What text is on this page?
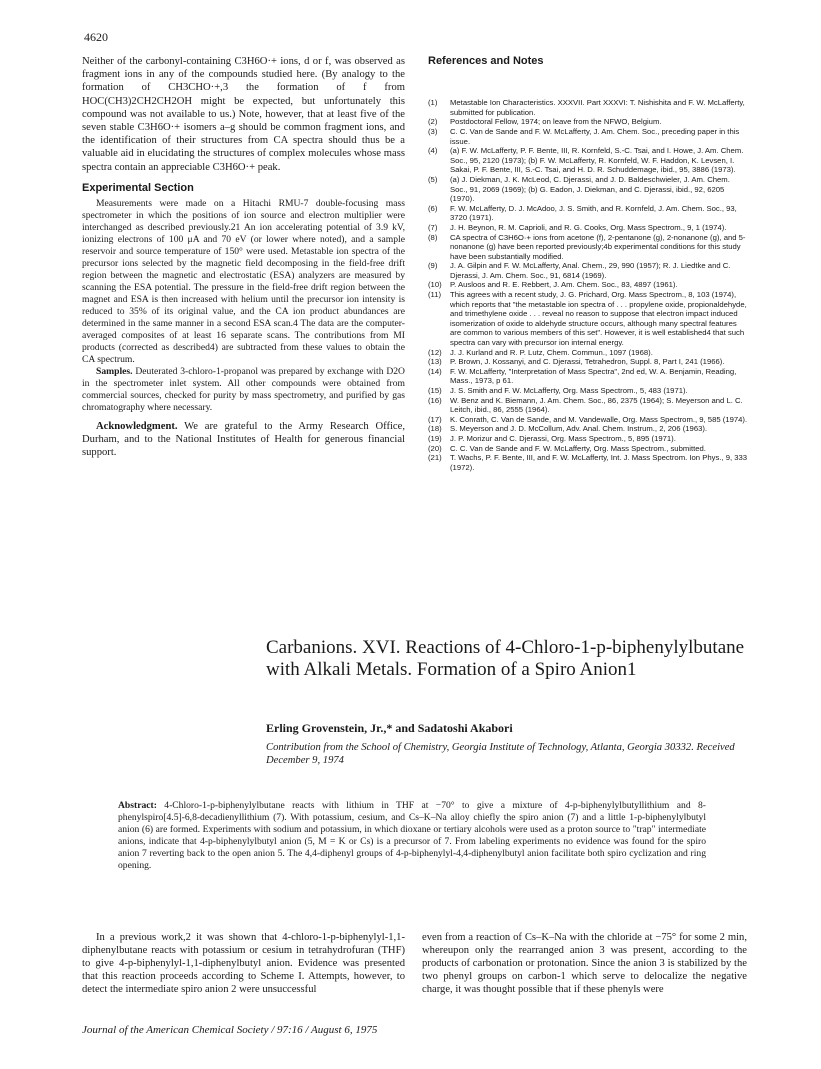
4620

Neither of the carbonyl-containing C3H6O·+ ions, d or f, was observed as fragment ions in any of the compounds studied here. (By analogy to the formation of CH3CHO·+,3 the formation of f from HOC(CH3)2CH2CH2OH might be expected, but unfortunately this compound was not available to us.) Note, however, that at least five of the seven stable C3H6O·+ isomers a–g should be common fragment ions, and the identification of their structures from CA spectra should thus be a valuable aid in elucidating the structures of complex molecules whose mass spectra contain an appreciable C3H6O·+ peak.

Experimental Section

Measurements were made on a Hitachi RMU-7 double-focusing mass spectrometer in which the positions of ion source and electron multiplier were interchanged as described previously.21 An ion accelerating potential of 3.9 kV, ionizing electrons of 100 μA and 70 eV (or lower where noted), and a sample reservoir and source temperature of 150° were used. Metastable ion spectra of the precursor ions selected by the magnetic field decomposing in the field-free drift region between the magnetic and electrostatic (ESA) analyzers are measured by scanning the ESA potential. The pressure in the field-free drift region between the magnet and ESA is then increased with helium until the precursor ion intensity is reduced to 35% of its original value, and the CA ion product abundances are determined in the same manner in a second ESA scan.4 The data are the computer-averaged composites of at least 16 separate scans. The contributions from MI products (corrected as described4) are subtracted from these values to obtain the CA spectrum.

Samples. Deuterated 3-chloro-1-propanol was prepared by exchange with D2O in the spectrometer inlet system. All other compounds were obtained from commercial sources, checked for purity by mass spectrometry, and purified by gas chromatography where necessary.

Acknowledgment. We are grateful to the Army Research Office, Durham, and to the National Institutes of Health for generous financial support.

References and Notes
(1)	Metastable Ion Characteristics. XXXVII. Part XXXVI: T. Nishishita and F. W. McLafferty, submitted for publication.
(2)	Postdoctoral Fellow, 1974; on leave from the NFWO, Belgium.
(3)	C. C. Van de Sande and F. W. McLafferty, J. Am. Chem. Soc., preceding paper in this issue.
(4)	(a) F. W. McLafferty, P. F. Bente, III, R. Kornfeld, S.-C. Tsai, and I. Howe, J. Am. Chem. Soc., 95, 2120 (1973); (b) F. W. McLafferty, R. Kornfeld, W. F. Haddon, K. Levsen, I. Sakai, P. F. Bente, III, S.-C. Tsai, and H. D. R. Schuddemage, ibid., 95, 3886 (1973).
(5)	(a) J. Diekman, J. K. McLeod, C. Djerassi, and J. D. Baldeschwieler, J. Am. Chem. Soc., 91, 2069 (1969); (b) G. Eadon, J. Diekman, and C. Djerassi, ibid., 92, 6205 (1970).
(6)	F. W. McLafferty, D. J. McAdoo, J. S. Smith, and R. Kornfeld, J. Am. Chem. Soc., 93, 3720 (1971).
(7)	J. H. Beynon, R. M. Caprioli, and R. G. Cooks, Org. Mass Spectrom., 9, 1 (1974).
(8)	CA spectra of C3H6O·+ ions from acetone (f), 2-pentanone (g), 2-nonanone (g), and 5-nonanone (g) have been reported previously;4b experimental conditions for this study have been substantially modified.
(9)	J. A. Gilpin and F. W. McLafferty, Anal. Chem., 29, 990 (1957); R. J. Liedtke and C. Djerassi, J. Am. Chem. Soc., 91, 6814 (1969).
(10)	P. Ausloos and R. E. Rebbert, J. Am. Chem. Soc., 83, 4897 (1961).
(11)	This agrees with a recent study, J. G. Prichard, Org. Mass Spectrom., 8, 103 (1974), which reports that "the metastable ion spectra of . . . propylene oxide, propionaldehyde, and trimethylene oxide . . . reveal no reason to suppose that electron impact induced isomerization of oxide to aldehyde structure occurs, although many spectral features are common to various members of this set". However, it is well established4 that such spectra can vary with precursor ion internal energy.
(12)	J. J. Kurland and R. P. Lutz, Chem. Commun., 1097 (1968).
(13)	P. Brown, J. Kossanyi, and C. Djerassi, Tetrahedron, Suppl. 8, Part I, 241 (1966).
(14)	F. W. McLafferty, "Interpretation of Mass Spectra", 2nd ed, W. A. Benjamin, Reading, Mass., 1973, p 61.
(15)	J. S. Smith and F. W. McLafferty, Org. Mass Spectrom., 5, 483 (1971).
(16)	W. Benz and K. Biemann, J. Am. Chem. Soc., 86, 2375 (1964); S. Meyerson and L. C. Leitch, ibid., 86, 2555 (1964).
(17)	K. Conrath, C. Van de Sande, and M. Vandewalle, Org. Mass Spectrom., 9, 585 (1974).
(18)	S. Meyerson and J. D. McCollum, Adv. Anal. Chem. Instrum., 2, 206 (1963).
(19)	J. P. Morizur and C. Djerassi, Org. Mass Spectrom., 5, 895 (1971).
(20)	C. C. Van de Sande and F. W. McLafferty, Org. Mass Spectrom., submitted.
(21)	T. Wachs, P. F. Bente, III, and F. W. McLafferty, Int. J. Mass Spectrom. Ion Phys., 9, 333 (1972).
Carbanions. XVI. Reactions of 4-Chloro-1-p-biphenylylbutane with Alkali Metals. Formation of a Spiro Anion1
Erling Grovenstein, Jr.,* and Sadatoshi Akabori
Contribution from the School of Chemistry, Georgia Institute of Technology, Atlanta, Georgia 30332. Received December 9, 1974
Abstract: 4-Chloro-1-p-biphenylylbutane reacts with lithium in THF at −70° to give a mixture of 4-p-biphenylylbutyllithium and 8-phenylspiro[4.5]-6,8-decadienyllithium (7). With potassium, cesium, and Cs–K–Na alloy chiefly the spiro anion (7) and a little 1-p-biphenylylbutyl anion (6) are formed. Experiments with sodium and potassium, in which dioxane or tertiary alcohols were used as a proton source to "trap" intermediate anions, indicate that 4-p-biphenylylbutyl anion (5, M = K or Cs) is a precursor of 7. From labeling experiments no evidence was found for the spiro anion 7 reverting back to the open anion 5. The 4,4-diphenyl groups of 4-p-biphenylyl-4,4-diphenylbutyl anion facilitate both spiro cyclization and ring opening.

In a previous work,2 it was shown that 4-chloro-1-p-biphenylyl-1,1-diphenylbutane reacts with potassium or cesium in tetrahydrofuran (THF) to give 4-p-biphenylyl-1,1-diphenylbutyl anion. Evidence was presented that this reaction proceeds according to Scheme I. Attempts, however, to detect the intermediate spiro anion 2 were unsuccessful

even from a reaction of Cs–K–Na with the chloride at −75° for some 2 min, whereupon only the rearranged anion 3 was present, according to the products of carbonation or protonation. Since the anion 3 is stabilized by the two phenyl groups on carbon-1 which serve to delocalize the negative charge, it was thought possible that if these phenyls were

Journal of the American Chemical Society / 97:16 / August 6, 1975
